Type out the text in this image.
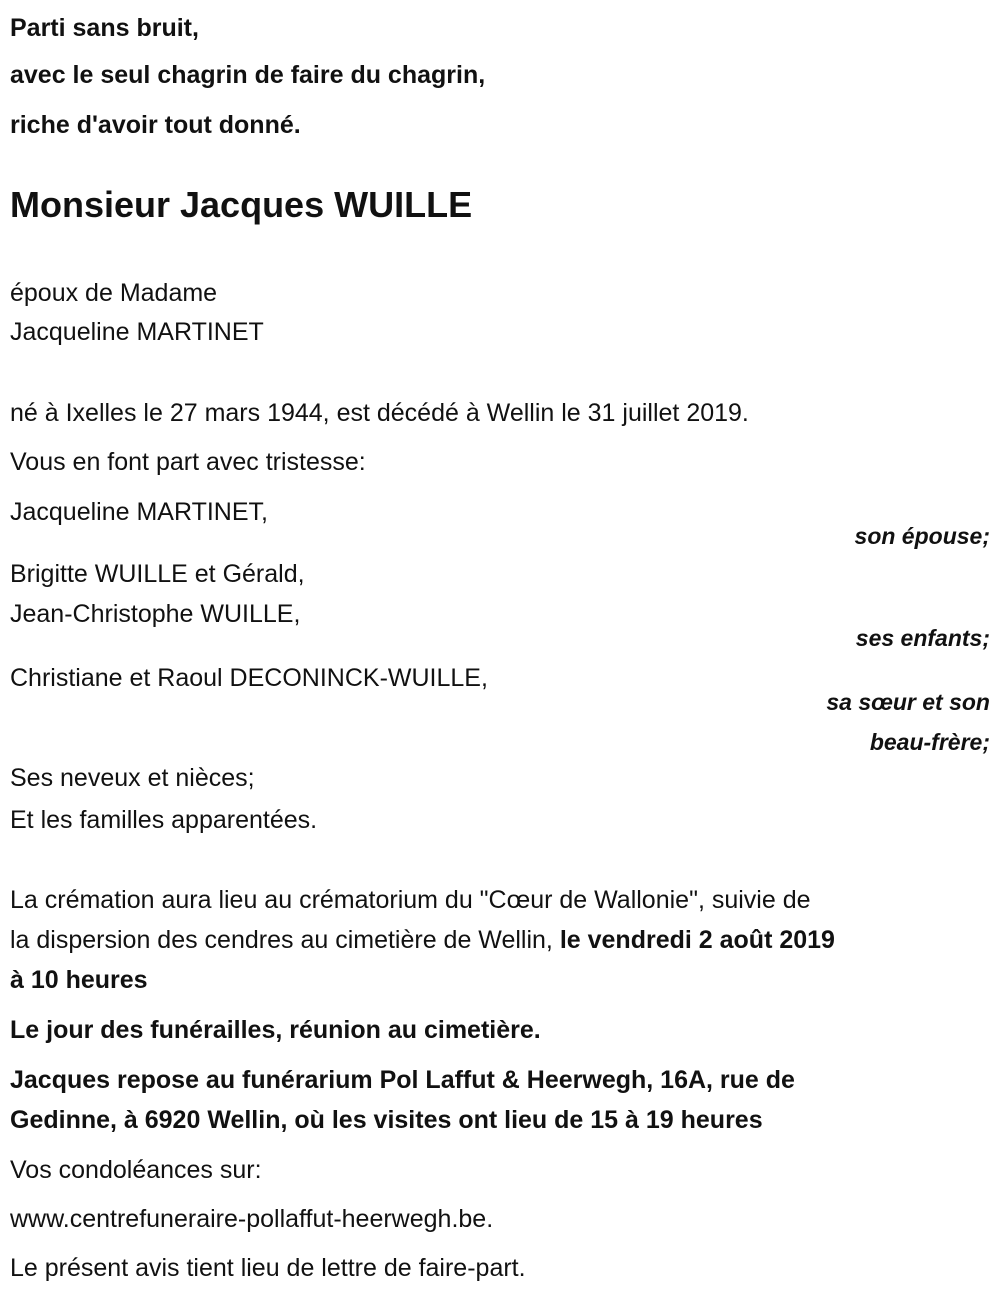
Parti sans bruit,
avec le seul chagrin de faire du chagrin,
riche d'avoir tout donné.
Monsieur Jacques WUILLE
époux de Madame
Jacqueline MARTINET
né à Ixelles le 27 mars 1944, est décédé à Wellin le 31 juillet 2019.
Vous en font part avec tristesse:
Jacqueline MARTINET,
son épouse;
Brigitte WUILLE et Gérald,
Jean-Christophe WUILLE,
ses enfants;
Christiane et Raoul DECONINCK-WUILLE,
sa sœur et son
beau-frère;
Ses neveux et nièces;
Et les familles apparentées.
La crémation aura lieu au crématorium du "Cœur de Wallonie", suivie de
la dispersion des cendres au cimetière de Wellin, le vendredi 2 août 2019
à 10 heures
Le jour des funérailles, réunion au cimetière.
Jacques repose au funérarium Pol Laffut & Heerwegh, 16A, rue de
Gedinne, à 6920 Wellin, où les visites ont lieu de 15 à 19 heures
Vos condoléances sur:
www.centrefuneraire-pollaffut-heerwegh.be.
Le présent avis tient lieu de lettre de faire-part.
